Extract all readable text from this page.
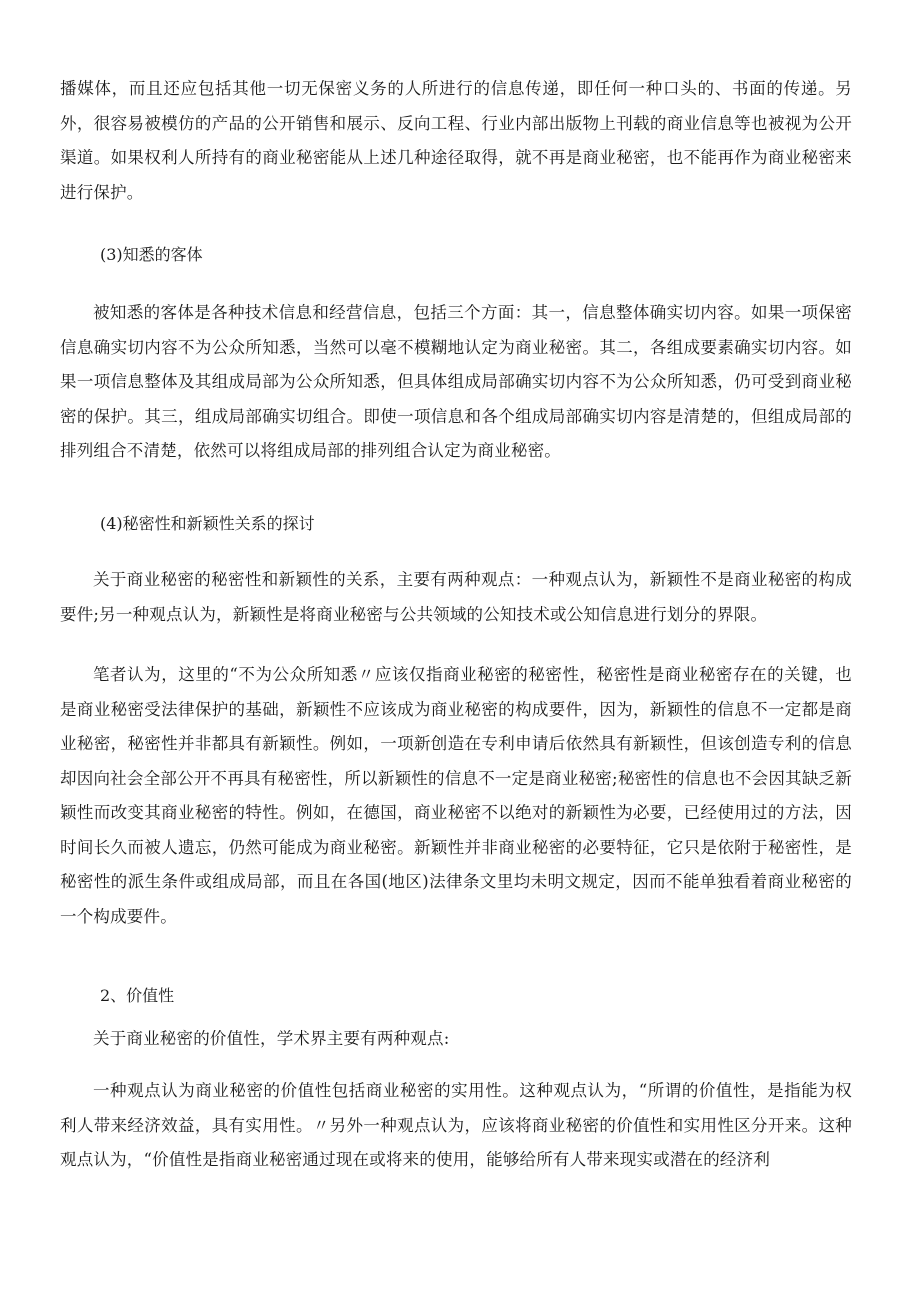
播媒体，而且还应包括其他一切无保密义务的人所进行的信息传递，即任何一种口头的、书面的传递。另外，很容易被模仿的产品的公开销售和展示、反向工程、行业内部出版物上刊载的商业信息等也被视为公开渠道。如果权利人所持有的商业秘密能从上述几种途径取得，就不再是商业秘密，也不能再作为商业秘密来进行保护。

(3)知悉的客体

被知悉的客体是各种技术信息和经营信息，包括三个方面：其一，信息整体确实切内容。如果一项保密信息确实切内容不为公众所知悉，当然可以毫不模糊地认定为商业秘密。其二，各组成要素确实切内容。如果一项信息整体及其组成局部为公众所知悉，但具体组成局部确实切内容不为公众所知悉，仍可受到商业秘密的保护。其三，组成局部确实切组合。即使一项信息和各个组成局部确实切内容是清楚的，但组成局部的排列组合不清楚，依然可以将组成局部的排列组合认定为商业秘密。

(4)秘密性和新颖性关系的探讨

关于商业秘密的秘密性和新颖性的关系，主要有两种观点：一种观点认为，新颖性不是商业秘密的构成要件;另一种观点认为，新颖性是将商业秘密与公共领域的公知技术或公知信息进行划分的界限。

笔者认为，这里的“不为公众所知悉〃应该仅指商业秘密的秘密性，秘密性是商业秘密存在的关键，也是商业秘密受法律保护的基础，新颖性不应该成为商业秘密的构成要件，因为，新颖性的信息不一定都是商业秘密，秘密性并非都具有新颖性。例如，一项新创造在专利申请后依然具有新颖性，但该创造专利的信息却因向社会全部公开不再具有秘密性，所以新颖性的信息不一定是商业秘密;秘密性的信息也不会因其缺乏新颖性而改变其商业秘密的特性。例如，在德国，商业秘密不以绝对的新颖性为必要，已经使用过的方法，因时间长久而被人遗忘，仍然可能成为商业秘密。新颖性并非商业秘密的必要特征，它只是依附于秘密性，是秘密性的派生条件或组成局部，而且在各国(地区)法律条文里均未明文规定，因而不能单独看着商业秘密的一个构成要件。

2、价值性

关于商业秘密的价值性，学术界主要有两种观点:

一种观点认为商业秘密的价值性包括商业秘密的实用性。这种观点认为，“所谓的价值性，是指能为权利人带来经济效益，具有实用性。〃另外一种观点认为，应该将商业秘密的价值性和实用性区分开来。这种观点认为，“价值性是指商业秘密通过现在或将来的使用，能够给所有人带来现实或潜在的经济利
